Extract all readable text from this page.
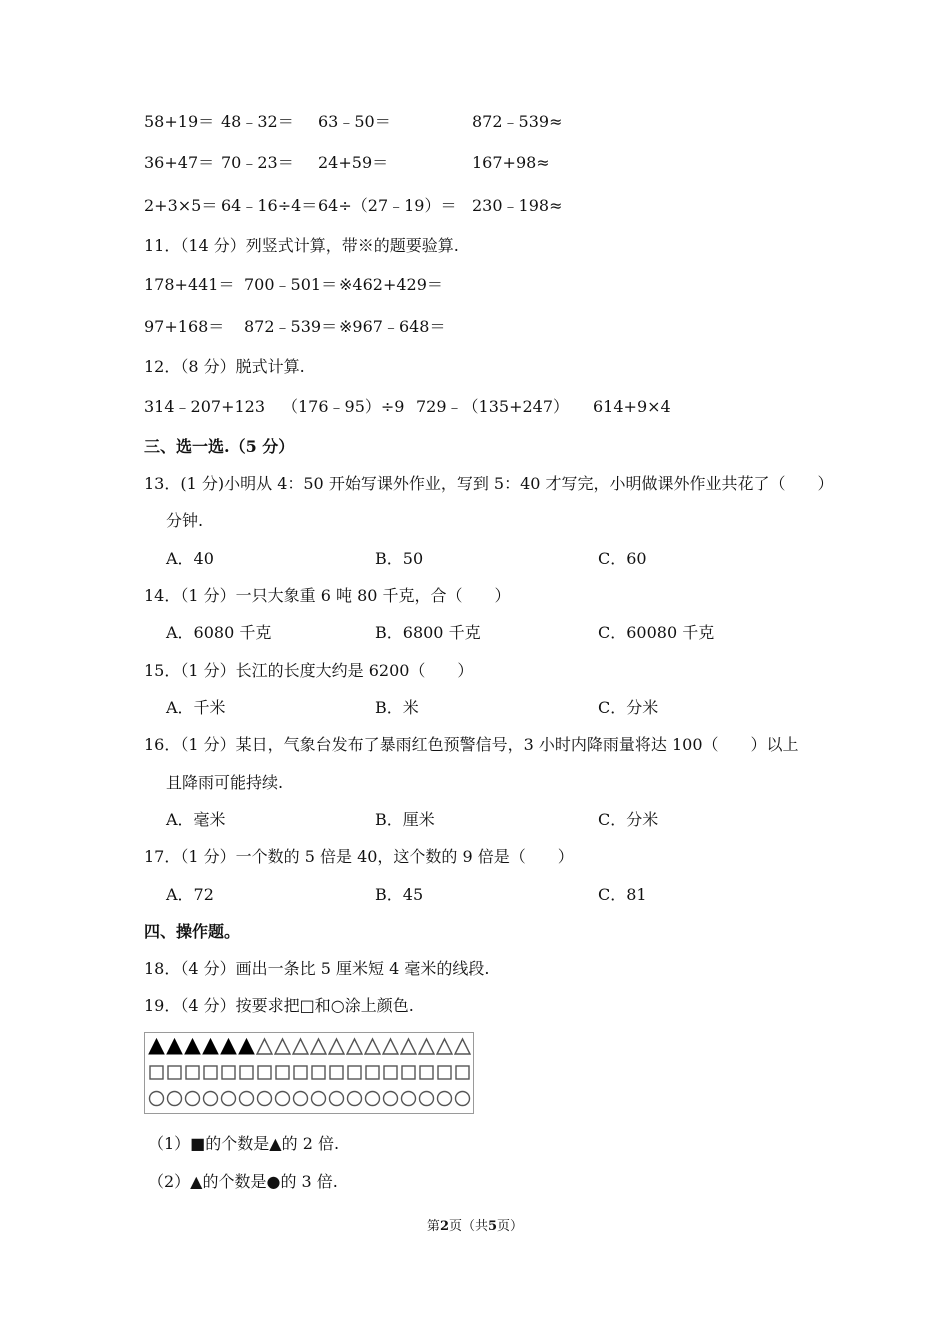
58+19＝ 48﹣32＝ 63﹣50＝	872﹣539≈
36+47＝ 70﹣23＝ 24+59＝	167+98≈
2+3×5＝ 64﹣16÷4＝ 64÷（27﹣19）＝ 230﹣198≈
11．（14 分）列竖式计算，带※的题要验算.
178+441＝ 700﹣501＝ ※462+429＝
97+168＝ 872﹣539＝ ※967﹣648＝
12．（8 分）脱式计算.
314﹣207+123 （176﹣95）÷9 729﹣（135+247） 614+9×4
三、选一选.（5 分）
13．(1 分)小明从 4：50 开始写课外作业，写到 5：40 才写完，小明做课外作业共花了（　　）
分钟.
A．40	B．50	C．60
14．（1 分）一只大象重 6 吨 80 千克，合（　　）
A．6080 千克	B．6800 千克	C．60080 千克
15．（1 分）长江的长度大约是 6200（　　）
A．千米	B．米	C．分米
16．（1 分）某日，气象台发布了暴雨红色预警信号，3 小时内降雨量将达 100（　　）以上
且降雨可能持续.
A．毫米	B．厘米	C．分米
17．（1 分）一个数的 5 倍是 40，这个数的 9 倍是（　　）
A．72	B．45	C．81
四、操作题。
18．（4 分）画出一条比 5 厘米短 4 毫米的线段.
19．（4 分）按要求把□和○涂上颜色.
（1）■的个数是▲的 2 倍.
（2）▲的个数是●的 3 倍.
第2页（共5页）
